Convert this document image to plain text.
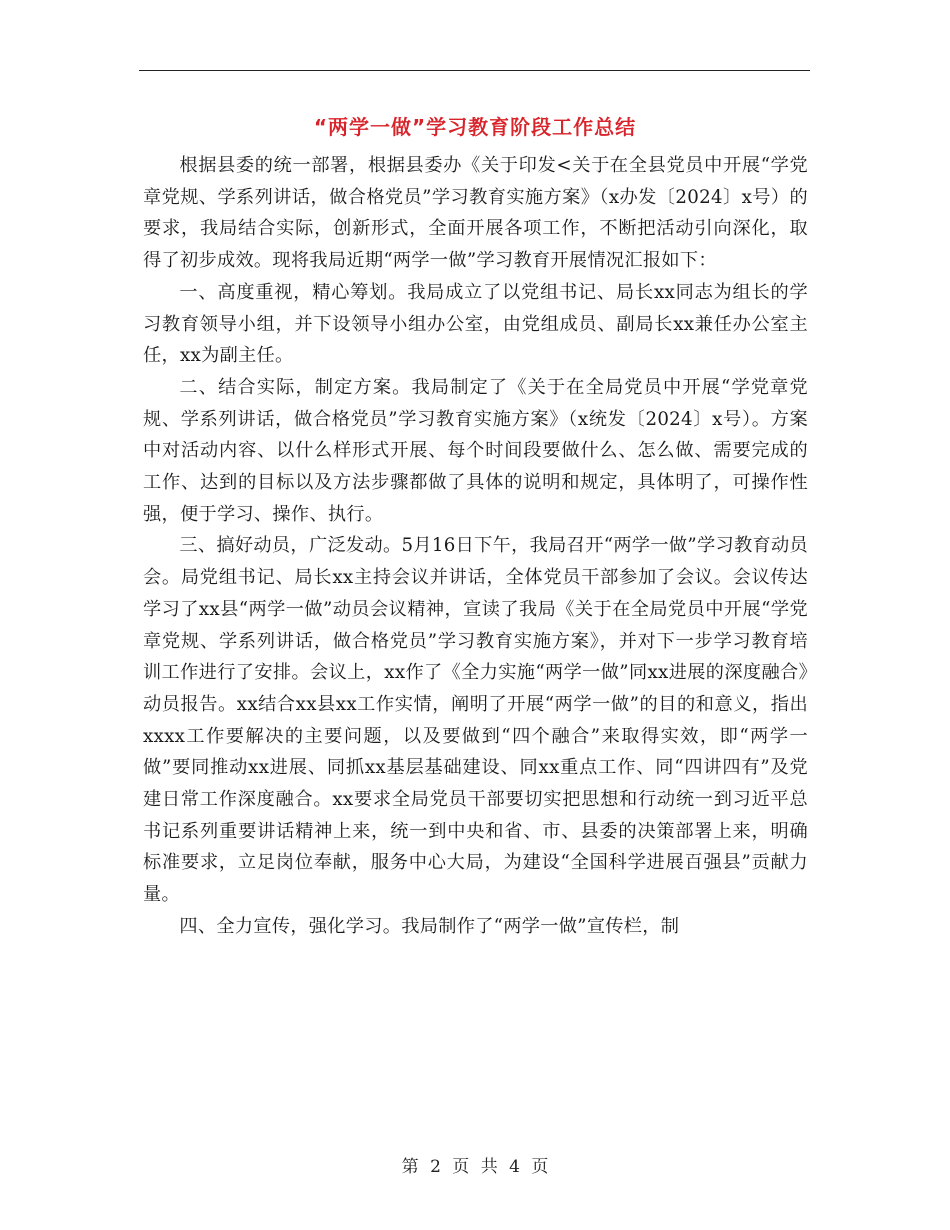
“两学一做”学习教育阶段工作总结

根据县委的统一部署，根据县委办《关于印发<关于在全县党员中开展“学党章党规、学系列讲话，做合格党员”学习教育实施方案》（x办发〔2024〕x号）的要求，我局结合实际，创新形式，全面开展各项工作，不断把活动引向深化，取得了初步成效。现将我局近期“两学一做”学习教育开展情况汇报如下：

一、高度重视，精心筹划。我局成立了以党组书记、局长xx同志为组长的学习教育领导小组，并下设领导小组办公室，由党组成员、副局长xx兼任办公室主任，xx为副主任。

二、结合实际，制定方案。我局制定了《关于在全局党员中开展“学党章党规、学系列讲话，做合格党员”学习教育实施方案》（x统发〔2024〕x号）。方案中对活动内容、以什么样形式开展、每个时间段要做什么、怎么做、需要完成的工作、达到的目标以及方法步骤都做了具体的说明和规定，具体明了，可操作性强，便于学习、操作、执行。

三、搞好动员，广泛发动。5月16日下午，我局召开“两学一做”学习教育动员会。局党组书记、局长xx主持会议并讲话，全体党员干部参加了会议。会议传达学习了xx县“两学一做”动员会议精神，宣读了我局《关于在全局党员中开展“学党章党规、学系列讲话，做合格党员”学习教育实施方案》，并对下一步学习教育培训工作进行了安排。会议上，xx作了《全力实施“两学一做”同xx进展的深度融合》动员报告。xx结合xx县xx工作实情，阐明了开展“两学一做”的目的和意义，指出xxxx工作要解决的主要问题，以及要做到“四个融合”来取得实效，即“两学一做”要同推动xx进展、同抓xx基层基础建设、同xx重点工作、同“四讲四有”及党建日常工作深度融合。xx要求全局党员干部要切实把思想和行动统一到习近平总书记系列重要讲话精神上来，统一到中央和省、市、县委的决策部署上来，明确标准要求，立足岗位奉献，服务中心大局，为建设“全国科学进展百强县”贡献力量。

四、全力宣传，强化学习。我局制作了“两学一做”宣传栏，制

第 2 页 共 4 页
